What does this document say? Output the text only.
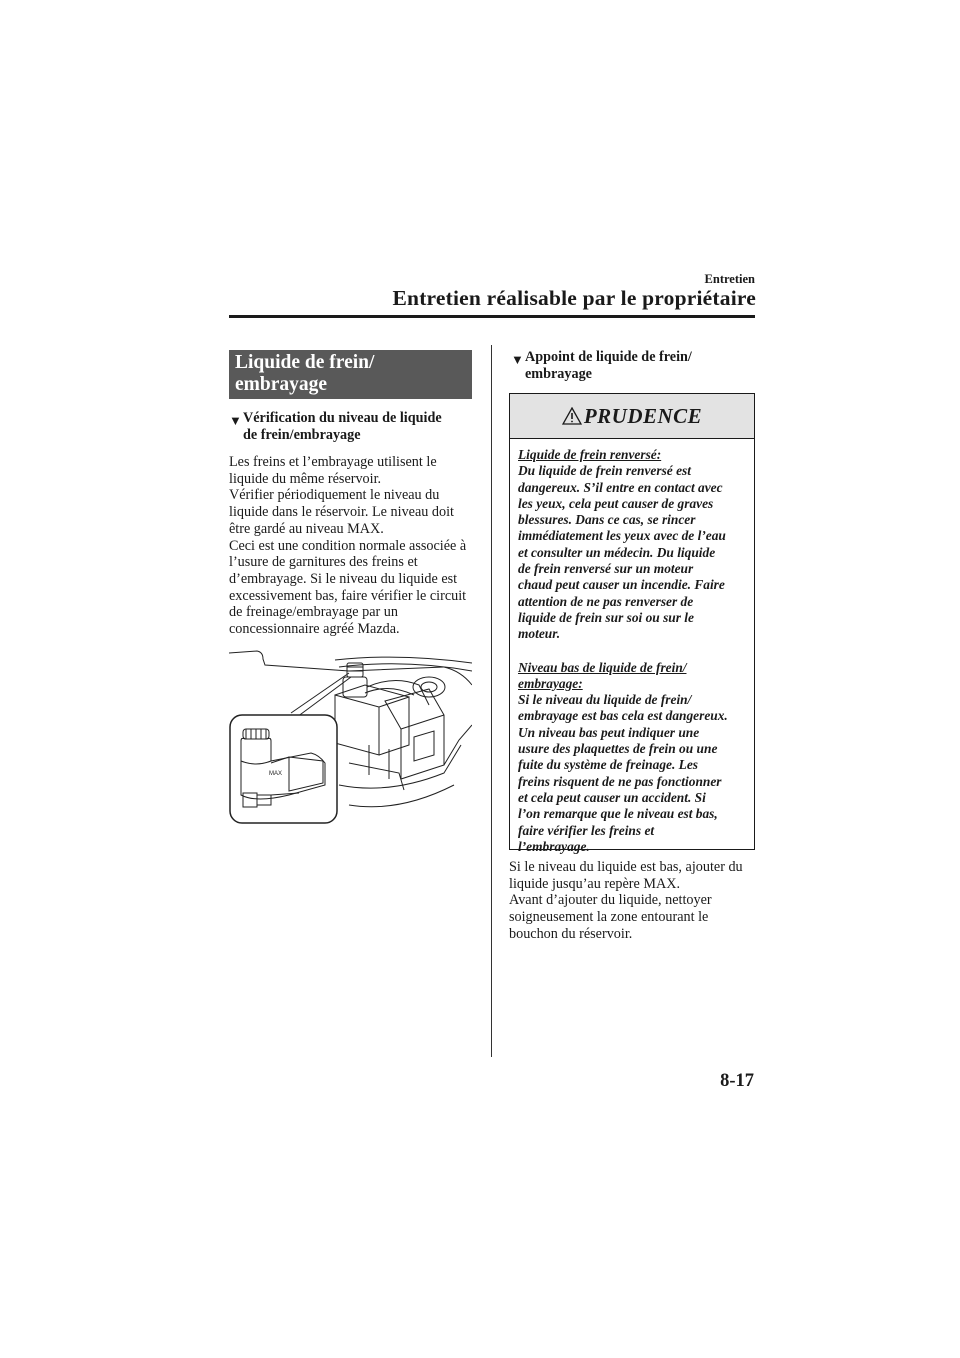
Entretien
Entretien réalisable par le propriétaire
Liquide de frein/
embrayage
▼ Vérification du niveau de liquide
de frein/embrayage

Les freins et l’embrayage utilisent le

liquide du même réservoir.

Vérifier périodiquement le niveau du

liquide dans le réservoir. Le niveau doit

être gardé au niveau MAX.

Ceci est une condition normale associée à

l’usure de garnitures des freins et

d’embrayage. Si le niveau du liquide est

excessivement bas, faire vérifier le circuit

de freinage/embrayage par un

concessionnaire agréé Mazda.

MAX
▼ Appoint de liquide de frein/
embrayage
PRUDENCE

Liquide de frein renversé:

Du liquide de frein renversé est

dangereux. S’il entre en contact avec

les yeux, cela peut causer de graves

blessures. Dans ce cas, se rincer

immédiatement les yeux avec de l’eau

et consulter un médecin. Du liquide

de frein renversé sur un moteur

chaud peut causer un incendie. Faire

attention de ne pas renverser de

liquide de frein sur soi ou sur le

moteur.

Niveau bas de liquide de frein/

embrayage:

Si le niveau du liquide de frein/

embrayage est bas cela est dangereux.

Un niveau bas peut indiquer une

usure des plaquettes de frein ou une

fuite du système de freinage. Les

freins risquent de ne pas fonctionner

et cela peut causer un accident. Si

l’on remarque que le niveau est bas,

faire vérifier les freins et

l’embrayage.

Si le niveau du liquide est bas, ajouter du

liquide jusqu’au repère MAX.

Avant d’ajouter du liquide, nettoyer

soigneusement la zone entourant le

bouchon du réservoir.

8-17
